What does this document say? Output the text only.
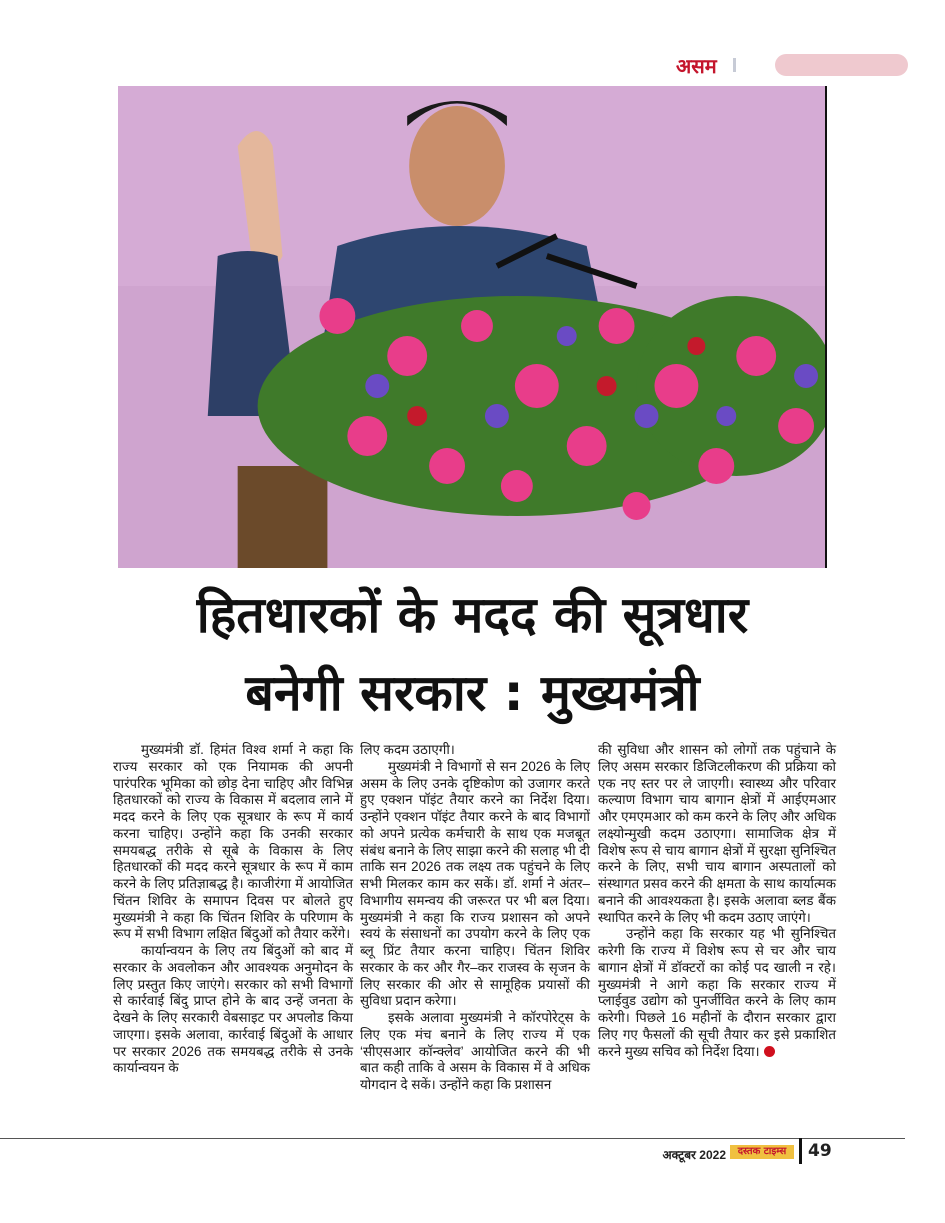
असम
हितधारकों के मदद की सूत्रधार
बनेगी सरकार : मुख्यमंत्री

मुख्यमंत्री डॉ. हिमंत विश्व शर्मा ने कहा कि राज्य सरकार को एक नियामक की अपनी पारंपरिक भूमिका को छोड़ देना चाहिए और विभिन्न हितधारकों को राज्य के विकास में बदलाव लाने में मदद करने के लिए एक सूत्रधार के रूप में कार्य करना चाहिए। उन्होंने कहा कि उनकी सरकार समयबद्ध तरीके से सूबे के विकास के लिए हितधारकों की मदद करने सूत्रधार के रूप में काम करने के लिए प्रतिज्ञाबद्ध है। काजीरंगा में आयोजित चिंतन शिविर के समापन दिवस पर बोलते हुए मुख्यमंत्री ने कहा कि चिंतन शिविर के परिणाम के रूप में सभी विभाग लक्षित बिंदुओं को तैयार करेंगे।

कार्यान्वयन के लिए तय बिंदुओं को बाद में सरकार के अवलोकन और आवश्यक अनुमोदन के लिए प्रस्तुत किए जाएंगे। सरकार को सभी विभागों से कार्रवाई बिंदु प्राप्त होने के बाद उन्हें जनता के देखने के लिए सरकारी वेबसाइट पर अपलोड किया जाएगा। इसके अलावा, कार्रवाई बिंदुओं के आधार पर सरकार 2026 तक समयबद्ध तरीके से उनके कार्यान्वयन के

लिए कदम उठाएगी।

मुख्यमंत्री ने विभागों से सन 2026 के लिए असम के लिए उनके दृष्टिकोण को उजागर करते हुए एक्शन पॉइंट तैयार करने का निर्देश दिया। उन्होंने एक्शन पॉइंट तैयार करने के बाद विभागों को अपने प्रत्येक कर्मचारी के साथ एक मजबूत संबंध बनाने के लिए साझा करने की सलाह भी दी ताकि सन 2026 तक लक्ष्य तक पहुंचने के लिए सभी मिलकर काम कर सकें। डॉ. शर्मा ने अंतर–विभागीय समन्वय की जरूरत पर भी बल दिया। मुख्यमंत्री ने कहा कि राज्य प्रशासन को अपने स्वयं के संसाधनों का उपयोग करने के लिए एक ब्लू प्रिंट तैयार करना चाहिए। चिंतन शिविर सरकार के कर और गैर–कर राजस्व के सृजन के लिए सरकार की ओर से सामूहिक प्रयासों की सुविधा प्रदान करेगा।

इसके अलावा मुख्यमंत्री ने कॉरपोरेट्स के लिए एक मंच बनाने के लिए राज्य में एक ‘सीएसआर कॉन्क्लेव’ आयोजित करने की भी बात कही ताकि वे असम के विकास में वे अधिक योगदान दे सकें। उन्होंने कहा कि प्रशासन

की सुविधा और शासन को लोगों तक पहुंचाने के लिए असम सरकार डिजिटलीकरण की प्रक्रिया को एक नए स्तर पर ले जाएगी। स्वास्थ्य और परिवार कल्याण विभाग चाय बागान क्षेत्रों में आईएमआर और एमएमआर को कम करने के लिए और अधिक लक्ष्योन्मुखी कदम उठाएगा। सामाजिक क्षेत्र में विशेष रूप से चाय बागान क्षेत्रों में सुरक्षा सुनिश्चित करने के लिए, सभी चाय बागान अस्पतालों को संस्थागत प्रसव करने की क्षमता के साथ कार्यात्मक बनाने की आवश्यकता है। इसके अलावा ब्लड बैंक स्थापित करने के लिए भी कदम उठाए जाएंगे।

उन्होंने कहा कि सरकार यह भी सुनिश्चित करेगी कि राज्य में विशेष रूप से चर और चाय बागान क्षेत्रों में डॉक्टरों का कोई पद खाली न रहे। मुख्यमंत्री ने आगे कहा कि सरकार राज्य में प्लाईवुड उद्योग को पुनर्जीवित करने के लिए काम करेगी। पिछले 16 महीनों के दौरान सरकार द्वारा लिए गए फैसलों की सूची तैयार कर इसे प्रकाशित करने मुख्य सचिव को निर्देश दिया।

अक्टूबर 2022	दस्तक टाइम्स	49
